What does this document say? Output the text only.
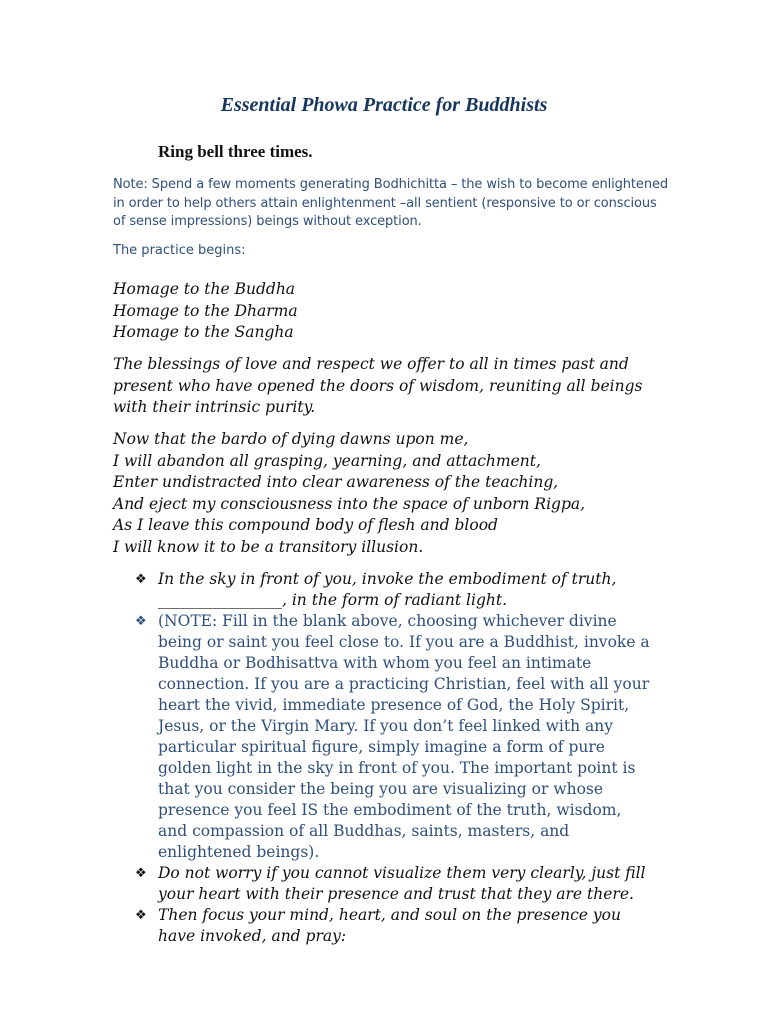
Essential Phowa Practice for Buddhists
Ring bell three times.
Note: Spend a few moments generating Bodhichitta – the wish to become enlightened in order to help others attain enlightenment –all sentient (responsive to or conscious of sense impressions) beings without exception.
The practice begins:
Homage to the Buddha
Homage to the Dharma
Homage to the Sangha
The blessings of love and respect we offer to all in times past and present who have opened the doors of wisdom, reuniting all beings with their intrinsic purity.
Now that the bardo of dying dawns upon me,
I will abandon all grasping, yearning, and attachment,
Enter undistracted into clear awareness of the teaching,
And eject my consciousness into the space of unborn Rigpa,
As I leave this compound body of flesh and blood
I will know it to be a transitory illusion.
❖ In the sky in front of you, invoke the embodiment of truth, ________________, in the form of radiant light.
❖ (NOTE: Fill in the blank above, choosing whichever divine being or saint you feel close to. If you are a Buddhist, invoke a Buddha or Bodhisattva with whom you feel an intimate connection. If you are a practicing Christian, feel with all your heart the vivid, immediate presence of God, the Holy Spirit, Jesus, or the Virgin Mary. If you don’t feel linked with any particular spiritual figure, simply imagine a form of pure golden light in the sky in front of you. The important point is that you consider the being you are visualizing or whose presence you feel IS the embodiment of the truth, wisdom, and compassion of all Buddhas, saints, masters, and enlightened beings).
❖ Do not worry if you cannot visualize them very clearly, just fill your heart with their presence and trust that they are there.
❖ Then focus your mind, heart, and soul on the presence you have invoked, and pray:
